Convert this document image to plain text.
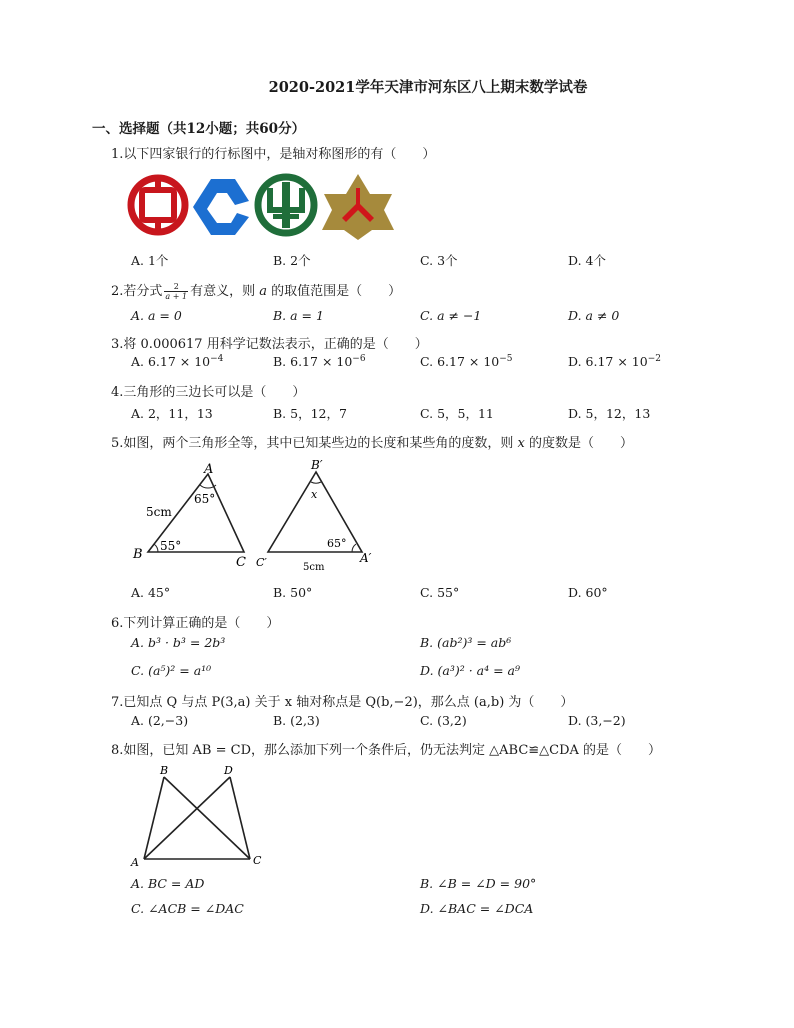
2020-2021学年天津市河东区八上期末数学试卷
一、选择题（共12小题；共60分）
1.以下四家银行的行标图中，是轴对称图形的有（　　）
A. 1个	B. 2个	C. 3个	D. 4个
2.若分式 $\frac{2}{a + 1}$ 有意义，则 a 的取值范围是（　　）
A. a = 0	B. a = 1	C. a ≠ −1	D. a ≠ 0
3.将 0.000617 用科学记数法表示，正确的是（　　）
A. $6.17 \times 10^{-4}$	B. $6.17 \times 10^{-6}$	C. $6.17 \times 10^{-5}$	D. $6.17 \times 10^{-2}$
4.三角形的三边长可以是（　　）
A. 2，11，13	B. 5，12，7	C. 5，5，11	D. 5，12，13
5.如图，两个三角形全等，其中已知某些边的长度和某些角的度数，则 x 的度数是（　　）
A
B
C
65°
55°
5cm
B′
x
C′	A′
65°
5cm
A. 45°	B. 50°	C. 55°	D. 60°
6.下列计算正确的是（　　）
A. b³ · b³ = 2b³	B. (ab²)³ = ab⁶
C. (a⁵)² = a¹⁰	D. (a³)² · a⁴ = a⁹
7.已知点 Q 与点 P(3,a) 关于 x 轴对称点是 Q(b,−2)，那么点 (a,b) 为（　　）
A. (2,−3)	B. (2,3)	C. (3,2)	D. (3,−2)
8.如图，已知 AB = CD，那么添加下列一个条件后，仍无法判定 △ABC≌△CDA 的是（　　）
B	D
A	C
A. BC = AD	B. ∠B = ∠D = 90°
C. ∠ACB = ∠DAC	D. ∠BAC = ∠DCA
